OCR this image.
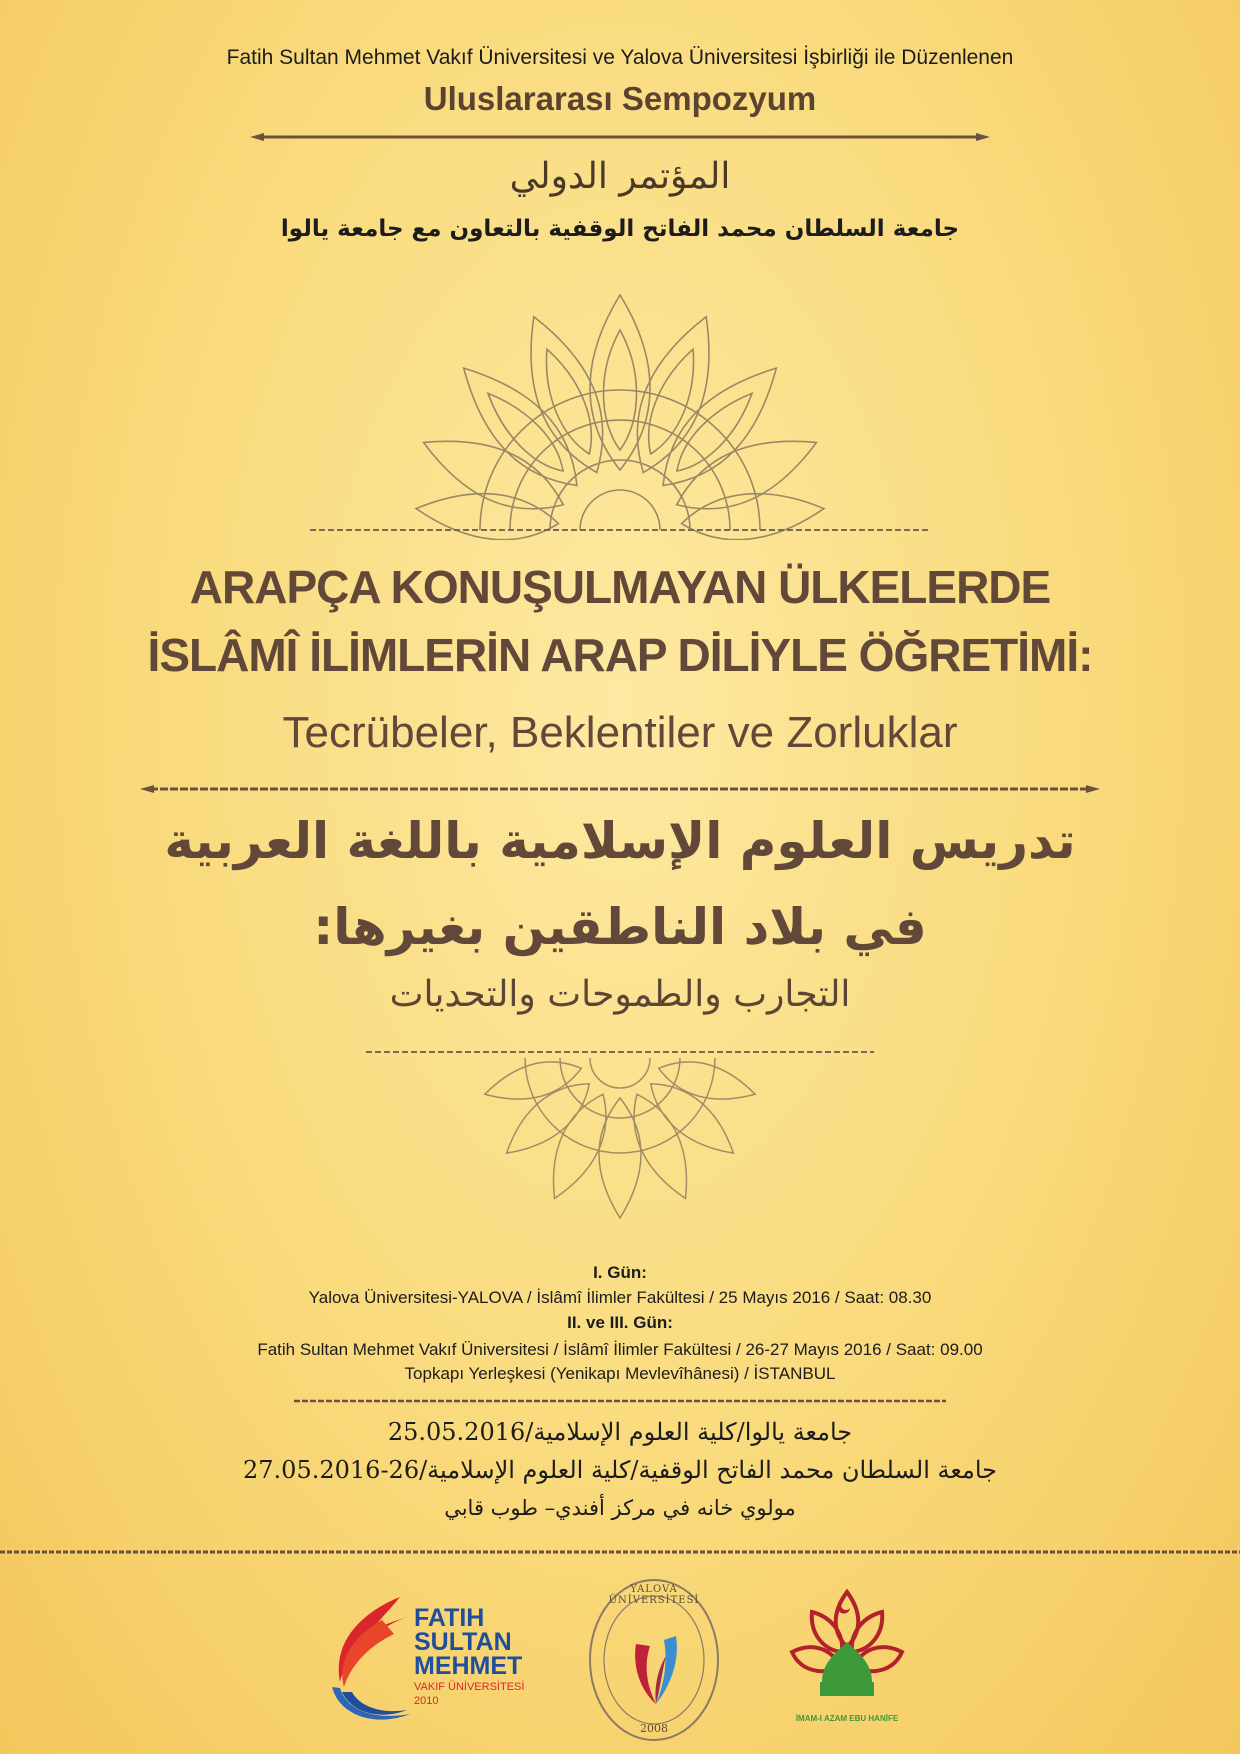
Fatih Sultan Mehmet Vakıf Üniversitesi ve Yalova Üniversitesi İşbirliği ile Düzenlenen
Uluslararası Sempozyum
المؤتمر الدولي
جامعة السلطان محمد الفاتح الوقفية بالتعاون مع جامعة يالوا
ARAPÇA KONUŞULMAYAN ÜLKELERDE
İSLÂMÎ İLİMLERİN ARAP DİLİYLE ÖĞRETİMİ:
Tecrübeler, Beklentiler ve Zorluklar
تدريس العلوم الإسلامية باللغة العربية
في بلاد الناطقين بغيرها:
التجارب والطموحات والتحديات
I. Gün:
Yalova Üniversitesi-YALOVA / İslâmî İlimler Fakültesi / 25 Mayıs 2016 / Saat: 08.30
II. ve III. Gün:
Fatih Sultan Mehmet Vakıf Üniversitesi / İslâmî İlimler Fakültesi / 26-27 Mayıs 2016 / Saat: 09.00
Topkapı Yerleşkesi (Yenikapı Mevlevîhânesi) / İSTANBUL
جامعة يالوا/كلية العلوم الإسلامية/25.05.2016
جامعة السلطان محمد الفاتح الوقفية/كلية العلوم الإسلامية/26-27.05.2016
مولوي خانه في مركز أفندي– طوب قابي
FATIH
SULTAN
MEHMET
VAKIF ÜNİVERSİTESİ
2010
YALOVA ÜNİVERSİTESİ
2008
İMAM-I AZAM EBU HANİFE
